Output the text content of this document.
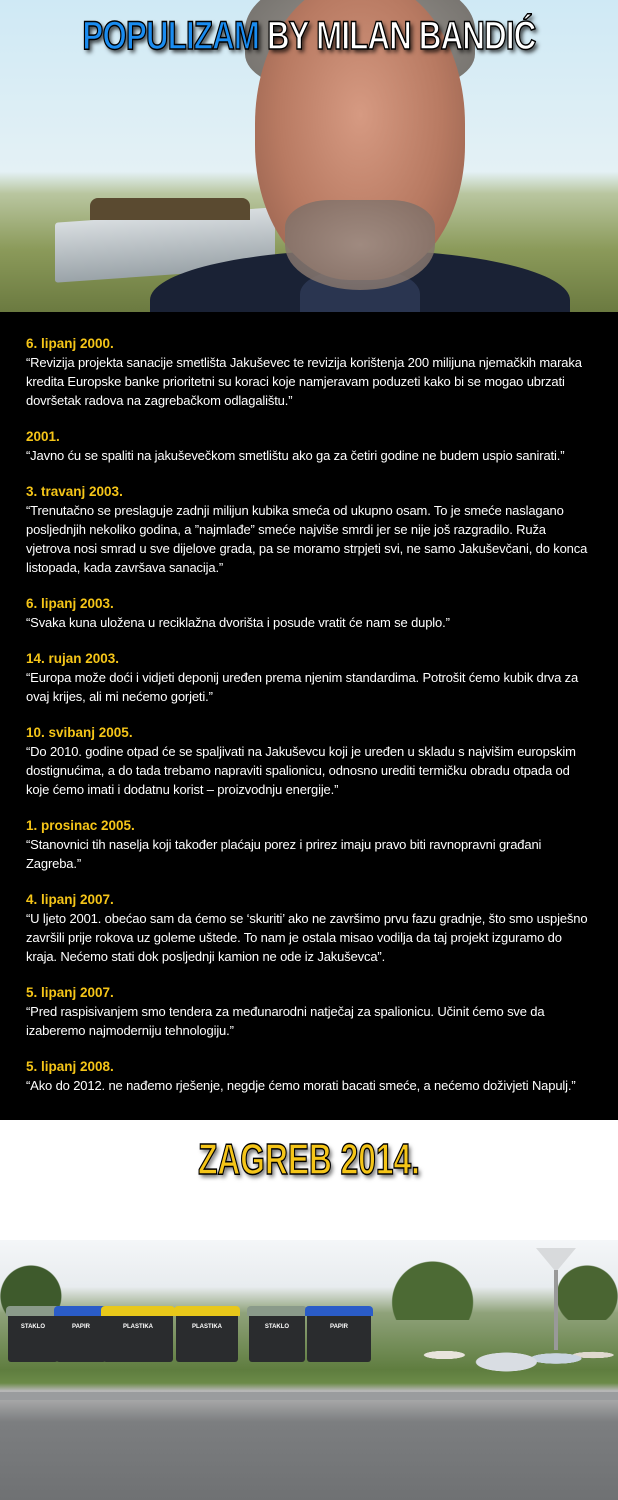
POPULIZAM BY MILAN BANDIĆ
6. lipanj 2000.
“Revizija projekta sanacije smetlišta Jakuševec te revizija korištenja 200 milijuna njemačkih maraka kredita Europske banke prioritetni su koraci koje namjeravam poduzeti kako bi se mogao ubrzati dovršetak radova na zagrebačkom odlagalištu.”
2001.
“Javno ću se spaliti na jakuševečkom smetlištu ako ga za četiri godine ne budem uspio sanirati.”
3. travanj 2003.
“Trenutačno se preslaguje zadnji milijun kubika smeća od ukupno osam. To je smeće naslagano posljednjih nekoliko godina, a ”najmlađe” smeće najviše smrdi jer se nije još razgradilo. Ruža vjetrova nosi smrad u sve dijelove grada, pa se moramo strpjeti svi, ne samo Jakuševčani, do konca listopada, kada završava sanacija.”
6. lipanj 2003.
“Svaka kuna uložena u reciklažna dvorišta i posude vratit će nam se duplo.”
14. rujan 2003.
“Europa može doći i vidjeti deponij uređen prema njenim standardima. Potrošit ćemo kubik drva za ovaj krijes, ali mi nećemo gorjeti.”
10. svibanj 2005.
“Do 2010. godine otpad će se spaljivati na Jakuševcu koji je uređen u skladu s najvišim europskim dostignućima, a do tada trebamo napraviti spalionicu, odnosno urediti termičku obradu otpada od koje ćemo imati i dodatnu korist – proizvodnju energije.”
1. prosinac 2005.
“Stanovnici tih naselja koji također plaćaju porez i prirez imaju pravo biti ravnopravni građani Zagreba.”
4. lipanj 2007.
“U ljeto 2001. obećao sam da ćemo se ‘skuriti’ ako ne završimo prvu fazu gradnje, što smo uspješno završili prije rokova uz goleme uštede. To nam je ostala misao vodilja da taj projekt izguramo do kraja. Nećemo stati dok posljednji kamion ne ode iz Jakuševca”.
5. lipanj 2007.
“Pred raspisivanjem smo tendera za međunarodni natječaj za spalionicu. Učinit ćemo sve da izaberemo najmoderniju tehnologiju.”
5. lipanj 2008.
“Ako do 2012. ne nađemo rješenje, negdje ćemo morati bacati smeće, a nećemo doživjeti Napulj.”
ZAGREB 2014.
STAKLO	PAPIR	PLASTIKA	PLASTIKA	STAKLO	PAPIR
